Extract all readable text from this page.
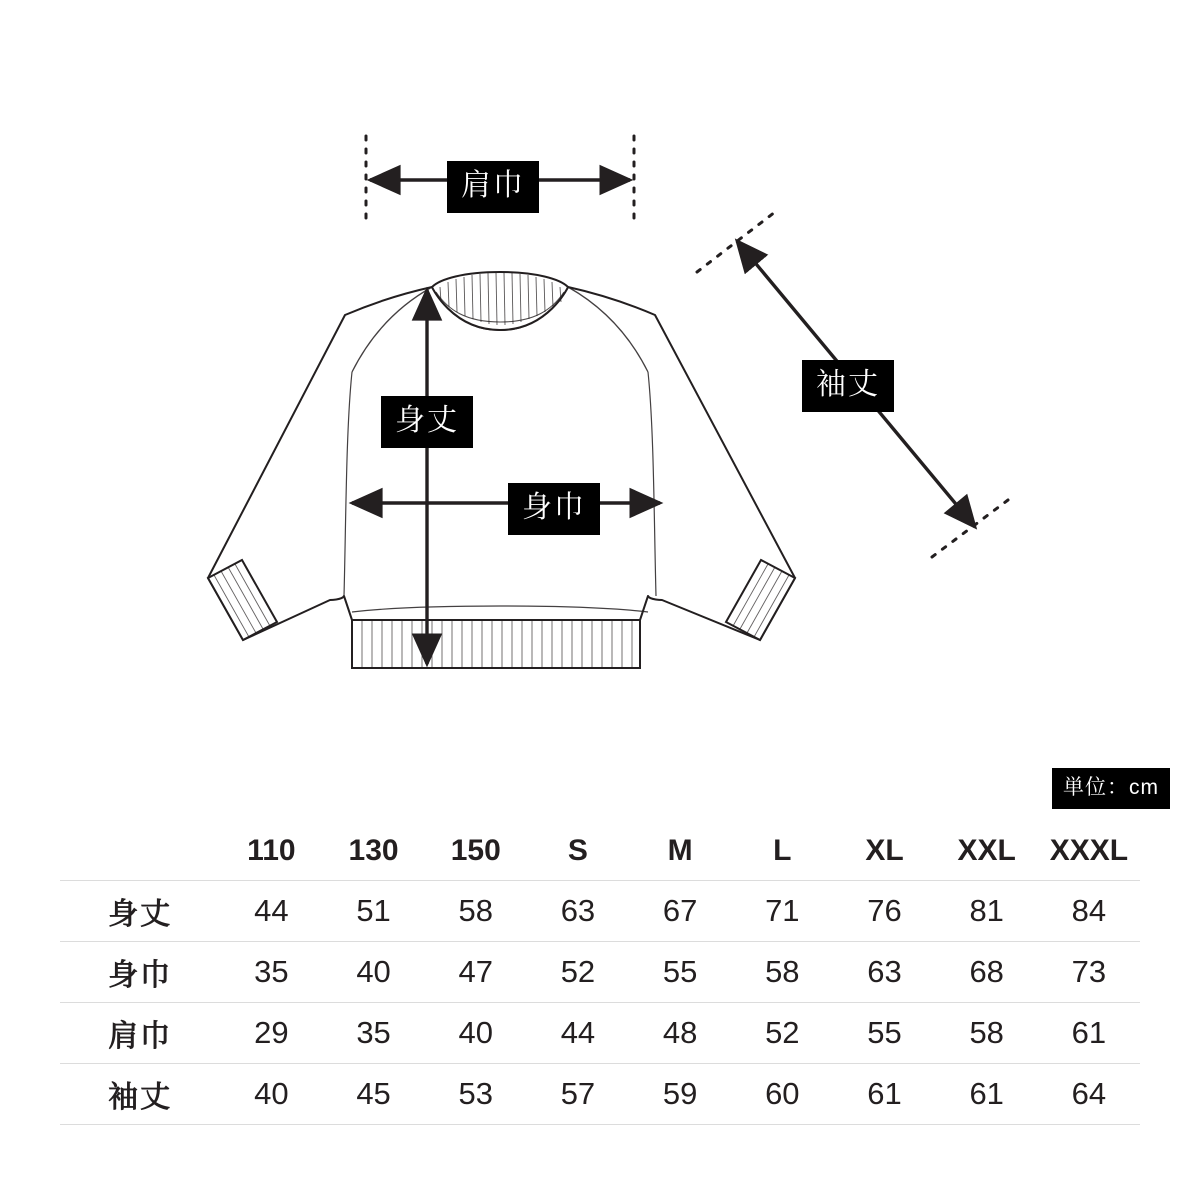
肩巾
身丈
身巾
袖丈
単位：cm
	110	130	150	S	M	L	XL	XXL	XXXL
身丈	44	51	58	63	67	71	76	81	84
身巾	35	40	47	52	55	58	63	68	73
肩巾	29	35	40	44	48	52	55	58	61
袖丈	40	45	53	57	59	60	61	61	64
